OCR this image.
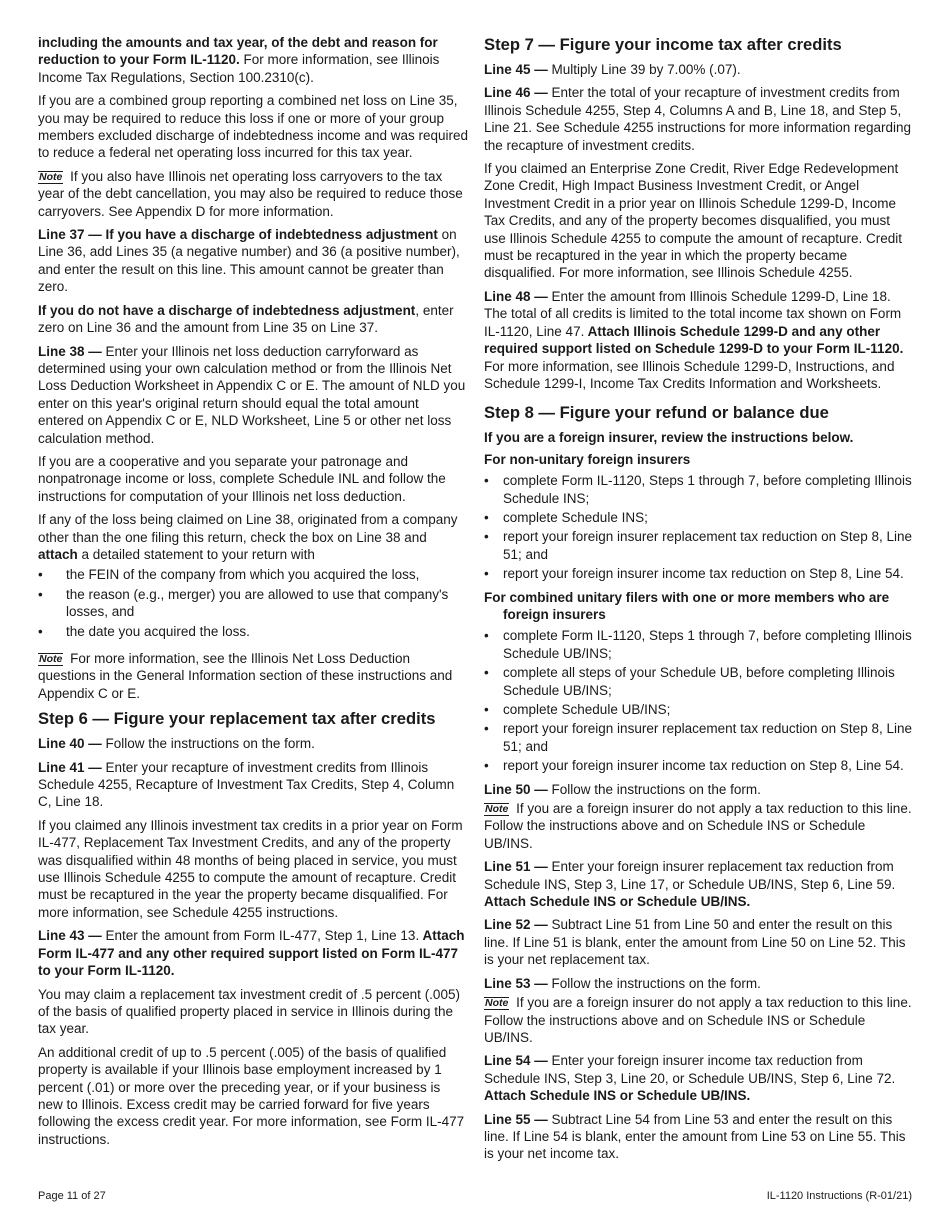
including the amounts and tax year, of the debt and reason for reduction to your Form IL-1120. For more information, see Illinois Income Tax Regulations, Section 100.2310(c).

If you are a combined group reporting a combined net loss on Line 35, you may be required to reduce this loss if one or more of your group members excluded discharge of indebtedness income and was required to reduce a federal net operating loss incurred for this tax year.

Note If you also have Illinois net operating loss carryovers to the tax year of the debt cancellation, you may also be required to reduce those carryovers. See Appendix D for more information.

Line 37 — If you have a discharge of indebtedness adjustment on Line 36, add Lines 35 (a negative number) and 36 (a positive number), and enter the result on this line. This amount cannot be greater than zero.

If you do not have a discharge of indebtedness adjustment, enter zero on Line 36 and the amount from Line 35 on Line 37.

Line 38 — Enter your Illinois net loss deduction carryforward as determined using your own calculation method or from the Illinois Net Loss Deduction Worksheet in Appendix C or E. The amount of NLD you enter on this year's original return should equal the total amount entered on Appendix C or E, NLD Worksheet, Line 5 or other net loss calculation method.

If you are a cooperative and you separate your patronage and nonpatronage income or loss, complete Schedule INL and follow the instructions for computation of your Illinois net loss deduction.

If any of the loss being claimed on Line 38, originated from a company other than the one filing this return, check the box on Line 38 and attach a detailed statement to your return with

• the FEIN of the company from which you acquired the loss,
• the reason (e.g., merger) you are allowed to use that company's losses, and
• the date you acquired the loss.

Note For more information, see the Illinois Net Loss Deduction questions in the General Information section of these instructions and Appendix C or E.

Step 6 — Figure your replacement tax after credits

Line 40 — Follow the instructions on the form.

Line 41 — Enter your recapture of investment credits from Illinois Schedule 4255, Recapture of Investment Tax Credits, Step 4, Column C, Line 18.

If you claimed any Illinois investment tax credits in a prior year on Form IL-477, Replacement Tax Investment Credits, and any of the property was disqualified within 48 months of being placed in service, you must use Illinois Schedule 4255 to compute the amount of recapture. Credit must be recaptured in the year the property became disqualified. For more information, see Schedule 4255 instructions.

Line 43 — Enter the amount from Form IL-477, Step 1, Line 13. Attach Form IL-477 and any other required support listed on Form IL-477 to your Form IL-1120.

You may claim a replacement tax investment credit of .5 percent (.005) of the basis of qualified property placed in service in Illinois during the tax year.

An additional credit of up to .5 percent (.005) of the basis of qualified property is available if your Illinois base employment increased by 1 percent (.01) or more over the preceding year, or if your business is new to Illinois. Excess credit may be carried forward for five years following the excess credit year. For more information, see Form IL-477 instructions.

Step 7 — Figure your income tax after credits

Line 45 — Multiply Line 39 by 7.00% (.07).

Line 46 — Enter the total of your recapture of investment credits from Illinois Schedule 4255, Step 4, Columns A and B, Line 18, and Step 5, Line 21. See Schedule 4255 instructions for more information regarding the recapture of investment credits.

If you claimed an Enterprise Zone Credit, River Edge Redevelopment Zone Credit, High Impact Business Investment Credit, or Angel Investment Credit in a prior year on Illinois Schedule 1299-D, Income Tax Credits, and any of the property becomes disqualified, you must use Illinois Schedule 4255 to compute the amount of recapture. Credit must be recaptured in the year in which the property became disqualified. For more information, see Illinois Schedule 4255.

Line 48 — Enter the amount from Illinois Schedule 1299-D, Line 18. The total of all credits is limited to the total income tax shown on Form IL-1120, Line 47. Attach Illinois Schedule 1299-D and any other required support listed on Schedule 1299-D to your Form IL-1120. For more information, see Illinois Schedule 1299-D, Instructions, and Schedule 1299-I, Income Tax Credits Information and Worksheets.

Step 8 — Figure your refund or balance due

If you are a foreign insurer, review the instructions below.

For non-unitary foreign insurers

• complete Form IL-1120, Steps 1 through 7, before completing Illinois Schedule INS;
• complete Schedule INS;
• report your foreign insurer replacement tax reduction on Step 8, Line 51; and
• report your foreign insurer income tax reduction on Step 8, Line 54.

For combined unitary filers with one or more members who are foreign insurers

• complete Form IL-1120, Steps 1 through 7, before completing Illinois Schedule UB/INS;
• complete all steps of your Schedule UB, before completing Illinois Schedule UB/INS;
• complete Schedule UB/INS;
• report your foreign insurer replacement tax reduction on Step 8, Line 51; and
• report your foreign insurer income tax reduction on Step 8, Line 54.

Line 50 — Follow the instructions on the form.

Note If you are a foreign insurer do not apply a tax reduction to this line. Follow the instructions above and on Schedule INS or Schedule UB/INS.

Line 51 — Enter your foreign insurer replacement tax reduction from Schedule INS, Step 3, Line 17, or Schedule UB/INS, Step 6, Line 59. Attach Schedule INS or Schedule UB/INS.

Line 52 — Subtract Line 51 from Line 50 and enter the result on this line. If Line 51 is blank, enter the amount from Line 50 on Line 52. This is your net replacement tax.

Line 53 — Follow the instructions on the form.

Note If you are a foreign insurer do not apply a tax reduction to this line. Follow the instructions above and on Schedule INS or Schedule UB/INS.

Line 54 — Enter your foreign insurer income tax reduction from Schedule INS, Step 3, Line 20, or Schedule UB/INS, Step 6, Line 72. Attach Schedule INS or Schedule UB/INS.

Line 55 — Subtract Line 54 from Line 53 and enter the result on this line. If Line 54 is blank, enter the amount from Line 53 on Line 55. This is your net income tax.

Page 11 of 27	IL-1120 Instructions (R-01/21)
